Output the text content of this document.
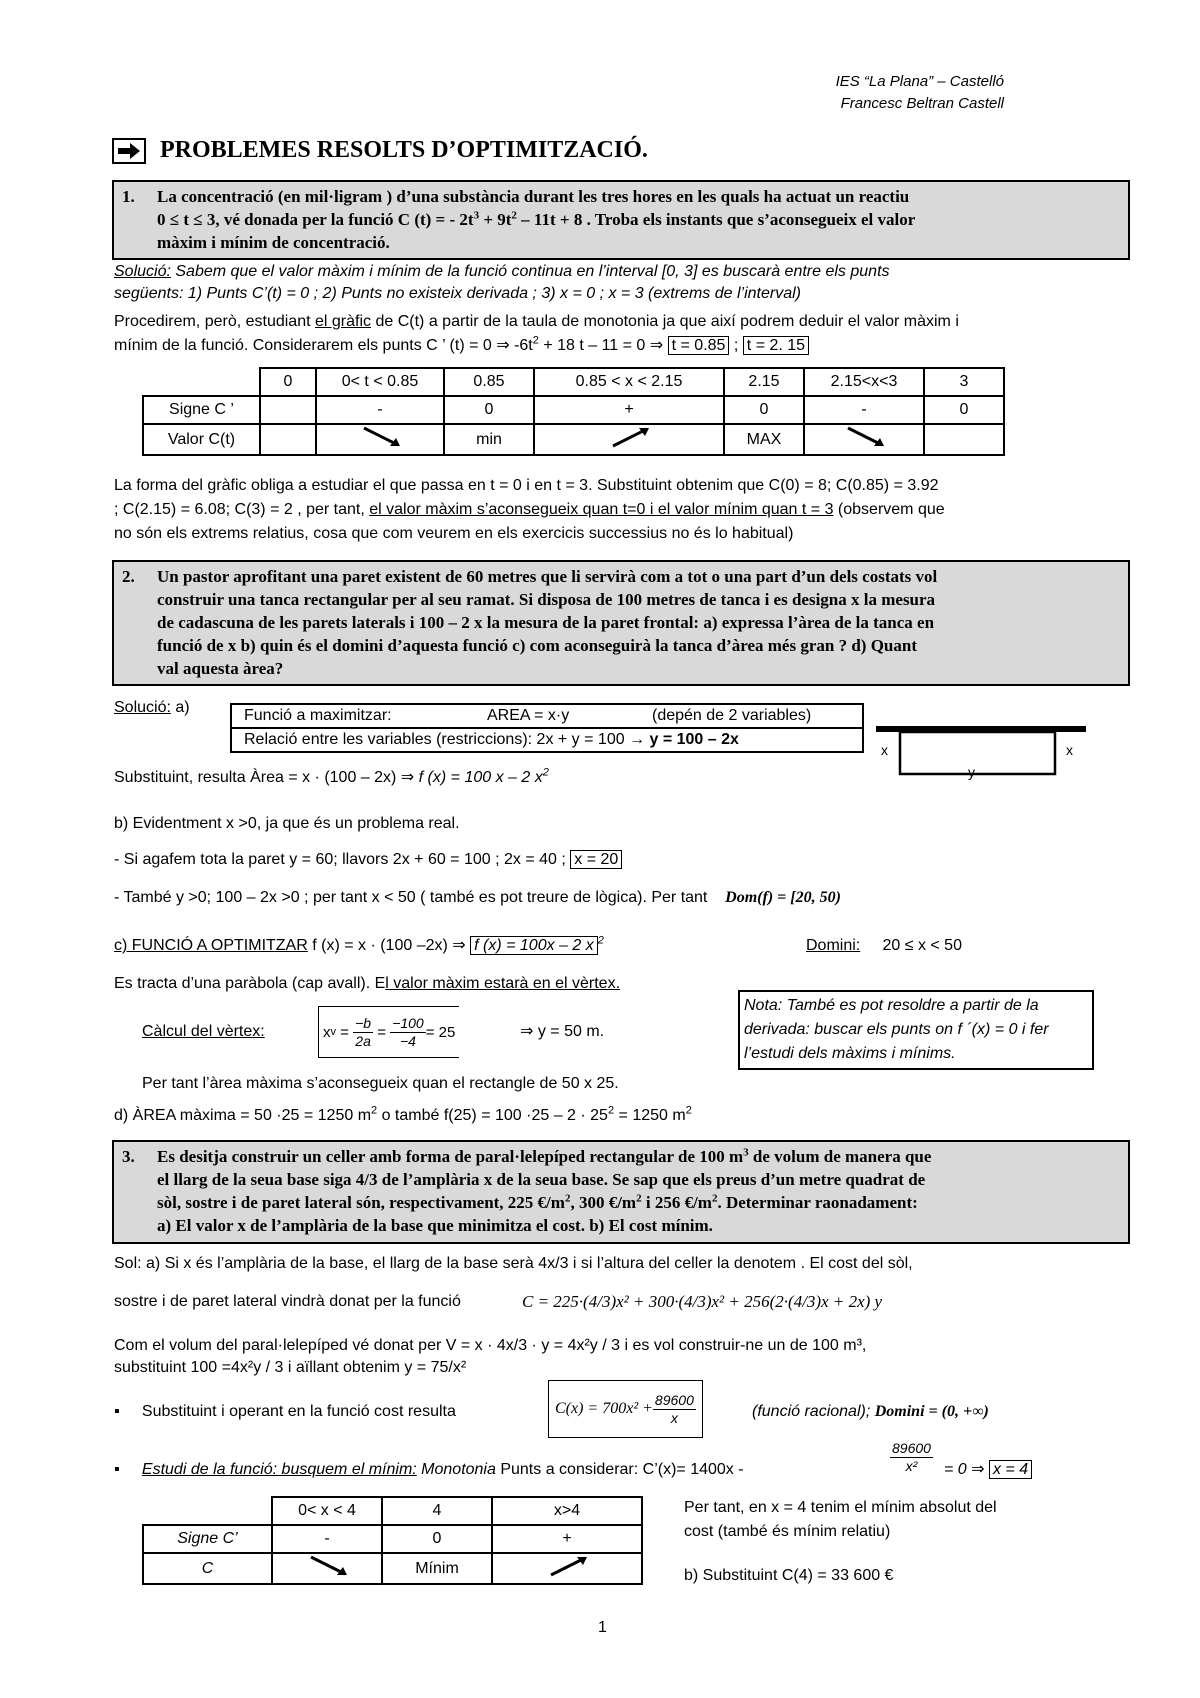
IES “La Plana” – Castelló
Francesc Beltran Castell
PROBLEMES RESOLTS D’OPTIMITZACIÓ.
1. La concentració (en mil·ligram ) d’una substància durant les tres hores en les quals ha actuat un reactiu
0 ≤ t ≤ 3, vé donada per la funció C (t) = - $2t^3 + 9t^2 - 11t + 8$ . Troba els instants que s’aconsegueix el valor
màxim i mínim de concentració.
Solució: Sabem que el valor màxim i mínim de la funció continua en l’interval [0, 3] es buscarà entre els punts
següents: 1) Punts C’(t) = 0 ; 2) Punts no existeix derivada ; 3) x = 0 ; x = 3 (extrems de l’interval)
Procedirem, però, estudiant el gràfic de C(t) a partir de la taula de monotonia ja que així podrem deduir el valor màxim i
mínim de la funció. Considerarem els punts C ’ (t) = 0 ⇒ $-6t^2 + 18$ t – 11 = 0 ⇒ t = 0.85 ; t = 2. 15
	0	0< t < 0.85	0.85	0.85 < x < 2.15	2.15	2.15<x<3	3
Signe C ’		-	0	+	0	-	0
Valor C(t)			min		MAX		
La forma del gràfic obliga a estudiar el que passa en t = 0 i en t = 3. Substituint obtenim que C(0) = 8; C(0.85) = 3.92
; C(2.15) = 6.08; C(3) = 2 , per tant, el valor màxim s’aconsegueix quan t=0 i el valor mínim quan t = 3 (observem que
no són els extrems relatius, cosa que com veurem en els exercicis successius no és lo habitual)
2. Un pastor aprofitant una paret existent de 60 metres que li servirà com a tot o una part d’un dels costats vol
construir una tanca rectangular per al seu ramat. Si disposa de 100 metres de tanca i es designa x la mesura
de cadascuna de les parets laterals i 100 – 2 x la mesura de la paret frontal: a) expressa l’àrea de la tanca en
funció de x b) quin és el domini d’aquesta funció c) com aconseguirà la tanca d’àrea més gran ? d) Quant
val aquesta àrea?
Solució: a)	Funció a maximitzar:	AREA = x·y	(depén de 2 variables)
Relació entre les variables (restriccions): 2x + y = 100 → y = 100 – 2x
x	x
y
Substituint, resulta Àrea = x · (100 – 2x) ⇒ f (x) = 100 x – 2 $x^2$
b) Evidentment x >0, ja que és un problema real.
- Si agafem tota la paret y = 60; llavors 2x + 60 = 100 ; 2x = 40 ; x = 20
- També y >0; 100 – 2x >0 ; per tant x < 50 ( també es pot treure de lògica). Per tant Dom(f) = [20, 50)
c) FUNCIÓ A OPTIMITZAR f (x) = x · (100 –2x) ⇒ f (x) = 100x – 2 x $^2$	Domini: 20 ≤ x < 50
Es tracta d’una paràbola (cap avall). El valor màxim estarà en el vèrtex.
Càlcul del vèrtex:	x $v = \frac{-b}{2a} = \frac{-100}{-4} = 25$	⇒ y = 50 m.
Nota: També es pot resoldre a partir de la derivada: buscar els punts on f ´(x) = 0 i fer l’estudi dels màxims i mínims.
Per tant l’àrea màxima s’aconsegueix quan el rectangle de 50 x 25.
d) ÀREA màxima = 50 ·25 = 1250 $m^2$ o també $f(25) = 100 \cdot 25 - 2 \cdot 25^2 = 1250$ $m^2$
3. Es desitja construir un celler amb forma de paral·lelepíped rectangular de 100 $m^3$ de volum de manera que
el llarg de la seua base siga 4/3 de l’amplària x de la seua base. Se sap que els preus d’un metre quadrat de
sòl, sostre i de paret lateral són, respectivament, 225 $€/m^2$, 300 $€/m^2$ i 256 $€/m^2$. Determinar raonadament:
a) El valor x de l’amplària de la base que minimitza el cost. b) El cost mínim.
Sol: a) Si x és l’amplària de la base, el llarg de la base serà 4x/3 i si l’altura del celler la denotem . El cost del sòl,
sostre i de paret lateral vindrà donat per la funció	C = 225·(4/3)x² + 300·(4/3)x² + 256(2·(4/3)x + 2x) y
Com el volum del paral·lelepíped vé donat per V = x · 4x/3 · y = 4x²y / 3 i es vol construir-ne un de 100 m³,
substituint 100 =4x²y / 3 i aïllant obtenim y = 75/x²
▪     Substituint i operant en la funció cost resulta	$C(x) = 700x^2 + \frac{89600}{x}$	(funció racional); Domini = (0, +∞)
▪     Estudi de la funció: busquem el mínim: Monotonia Punts a considerar: C’(x)= 1400x -	$\frac{89600}{\text{x²}} = 0$ ⇒ x = 4
	0< x < 4	4	x>4
Signe C’	-	0	+
C		Mínim	
Per tant, en x = 4 tenim el mínim absolut del
cost (també és mínim relatiu)
b) Substituint C(4) = 33 600 €
1
